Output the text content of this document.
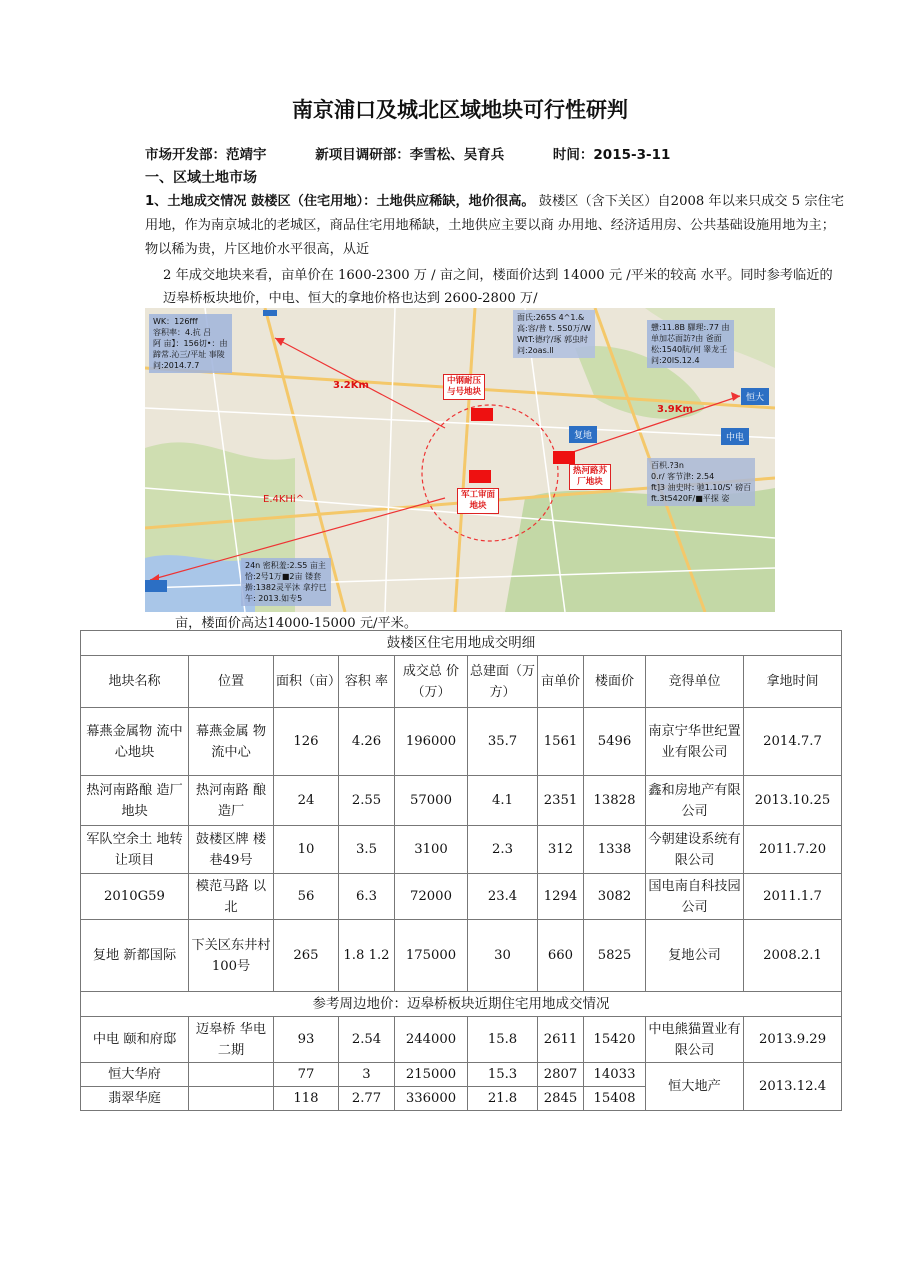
南京浦口及城北区域地块可行性研判
市场开发部：范靖宇	新项目调研部：李雪松、吴育兵	时间：2015-3-11
一、区域土地市场
1、土地成交情况 鼓楼区（住宅用地）：土地供应稀缺，地价很高。 鼓楼区（含下关区）自2008 年以来只成交 5 宗住宅用地，作为南京城北的老城区，商品住宅用地稀缺，土地供应主要以商 办用地、经济适用房、公共基础设施用地为主；物以稀为贵，片区地价水平很高，从近
2 年成交地块来看，亩单价在 1600-2300 万 / 亩之间，楼面价达到 14000 元 /平米的较高 水平。同时参考临近的迈皋桥板块地价，中电、恒大的拿地价格也达到 2600-2800 万/
WK：126fff
容积率：4.抗 吕
阿 亩】：156切•：由
蹄常.沁三/平址 事陵
问:2014.7.7
面氏:265S 4^1.&
高:容/普 t. 5S0万/W
WtT:德疗/琢 郭虫时
问:2oas.ll
戆:11.8B 驛理:.77 由
单加芯面訪?由 爸面
松:1540肮/何 睾龙壬
问:20lS.12.4
百枳.?3n
0.r/ 客节津: 2.54
ft]3 油史时: 驰1.10/S' 磅百
ft.3t5420F/■平探 姿
24n 密积羞:2.S5 亩主
恰:2号1万■2亩 镂套
擀:1382灵平沐 拿拧巳
午: 2013.如专5
中钢耐压
与号地块
热河路苏
厂地块
军工审面
地块
3.2Km
3.9Km
E.4KHi^
复地
恒大
中电
亩，楼面价高达14000-15000 元/平米。
鼓楼区住宅用地成交明细									
地块名称	位置	面积（亩）	容积 率	成交总 价（万）	总建面（万方）	亩单价	楼面价	竞得单位	拿地时间
幕燕金属物 流中心地块	幕燕金属 物流中心	126	4.26	196000	35.7	1561	5496	南京宁华世纪置业有限公司	2014.7.7
热河南路酿 造厂地块	热河南路 酿造厂	24	2.55	57000	4.1	2351	13828	鑫和房地产有限公司	2013.10.25
军队空余土 地转让项目	鼓楼区牌 楼巷49号	10	3.5	3100	2.3	312	1338	今朝建设系统有限公司	2011.7.20
2010G59	模范马路 以北	56	6.3	72000	23.4	1294	3082	国电南自科技园公司	2011.1.7
复地 新都国际	下关区东井村100号	265	1.8 1.2	175000	30	660	5825	复地公司	2008.2.1
参考周边地价：迈皋桥板块近期住宅用地成交情况									
中电 颐和府邸	迈皋桥 华电二期	93	2.54	244000	15.8	2611	15420	中电熊猫置业有限公司	2013.9.29
恒大华府		77	3	215000	15.3	2807	14033	恒大地产	2013.12.4
翡翠华庭		118	2.77	336000	21.8	2845	15408		
